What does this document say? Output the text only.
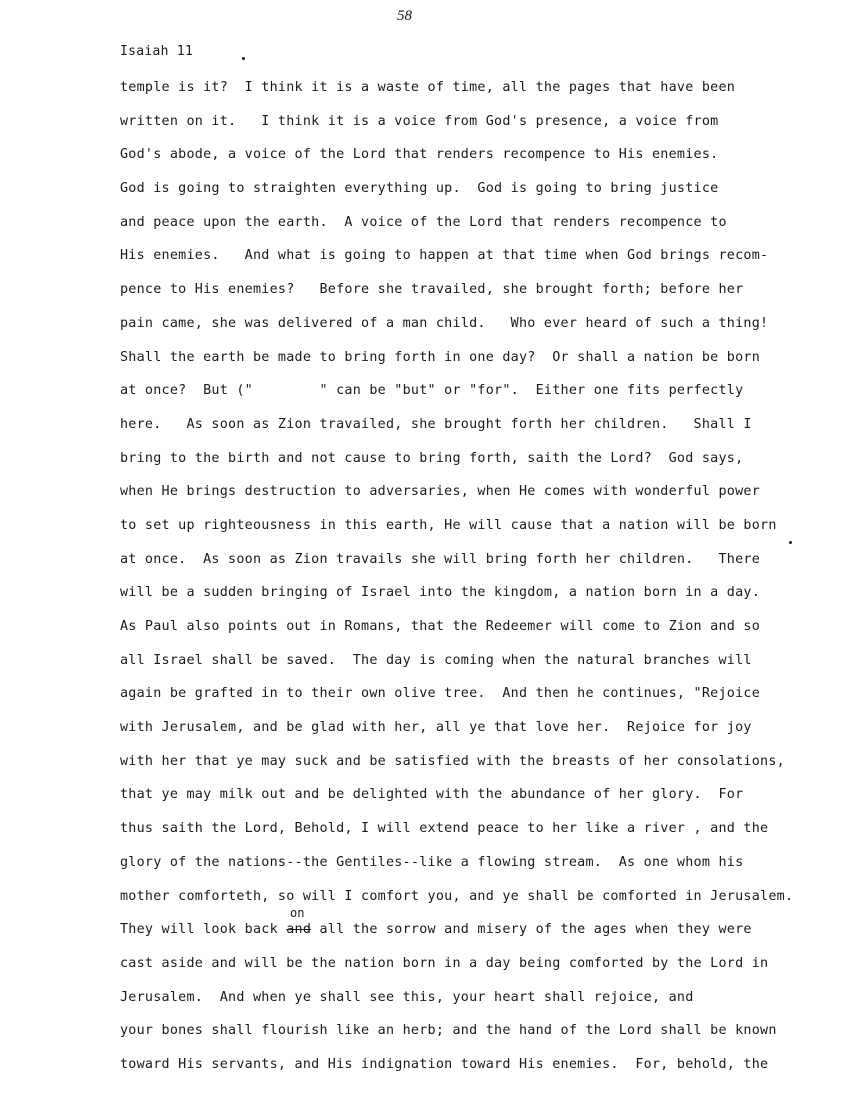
58
Isaiah 11
on
temple is it?  I think it is a waste of time, all the pages that have been
written on it.   I think it is a voice from God's presence, a voice from
God's abode, a voice of the Lord that renders recompence to His enemies.
God is going to straighten everything up.  God is going to bring justice
and peace upon the earth.  A voice of the Lord that renders recompence to
His enemies.   And what is going to happen at that time when God brings recom-
pence to His enemies?   Before she travailed, she brought forth; before her
pain came, she was delivered of a man child.   Who ever heard of such a thing!
Shall the earth be made to bring forth in one day?  Or shall a nation be born
at once?  But ("        " can be "but" or "for".  Either one fits perfectly
here.   As soon as Zion travailed, she brought forth her children.   Shall I
bring to the birth and not cause to bring forth, saith the Lord?  God says,
when He brings destruction to adversaries, when He comes with wonderful power
to set up righteousness in this earth, He will cause that a nation will be born
at once.  As soon as Zion travails she will bring forth her children.   There
will be a sudden bringing of Israel into the kingdom, a nation born in a day.
As Paul also points out in Romans, that the Redeemer will come to Zion and so
all Israel shall be saved.  The day is coming when the natural branches will
again be grafted in to their own olive tree.  And then he continues, "Rejoice
with Jerusalem, and be glad with her, all ye that love her.  Rejoice for joy
with her that ye may suck and be satisfied with the breasts of her consolations,
that ye may milk out and be delighted with the abundance of her glory.  For
thus saith the Lord, Behold, I will extend peace to her like a river , and the
glory of the nations--the Gentiles--like a flowing stream.  As one whom his
mother comforteth, so will I comfort you, and ye shall be comforted in Jerusalem.
They will look back and all the sorrow and misery of the ages when they were
cast aside and will be the nation born in a day being comforted by the Lord in
Jerusalem.  And when ye shall see this, your heart shall rejoice, and
your bones shall flourish like an herb; and the hand of the Lord shall be known
toward His servants, and His indignation toward His enemies.  For, behold, the
